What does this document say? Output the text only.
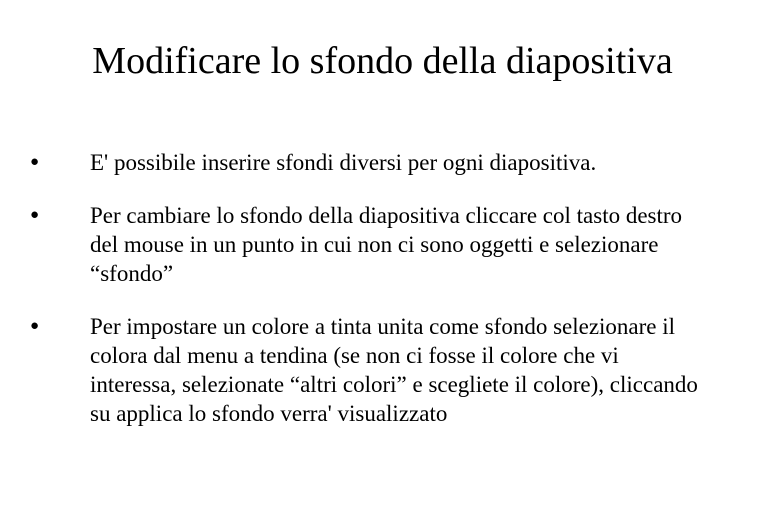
Modificare lo sfondo della diapositiva
● E' possibile inserire sfondi diversi per ogni diapositiva.
● Per cambiare lo sfondo della diapositiva cliccare col tasto destro del mouse in un punto in cui non ci sono oggetti e selezionare “sfondo”
● Per impostare un colore a tinta unita come sfondo selezionare il colora dal menu a tendina (se non ci fosse il colore che vi interessa, selezionate “altri colori” e scegliete il colore), cliccando su applica lo sfondo verra' visualizzato
